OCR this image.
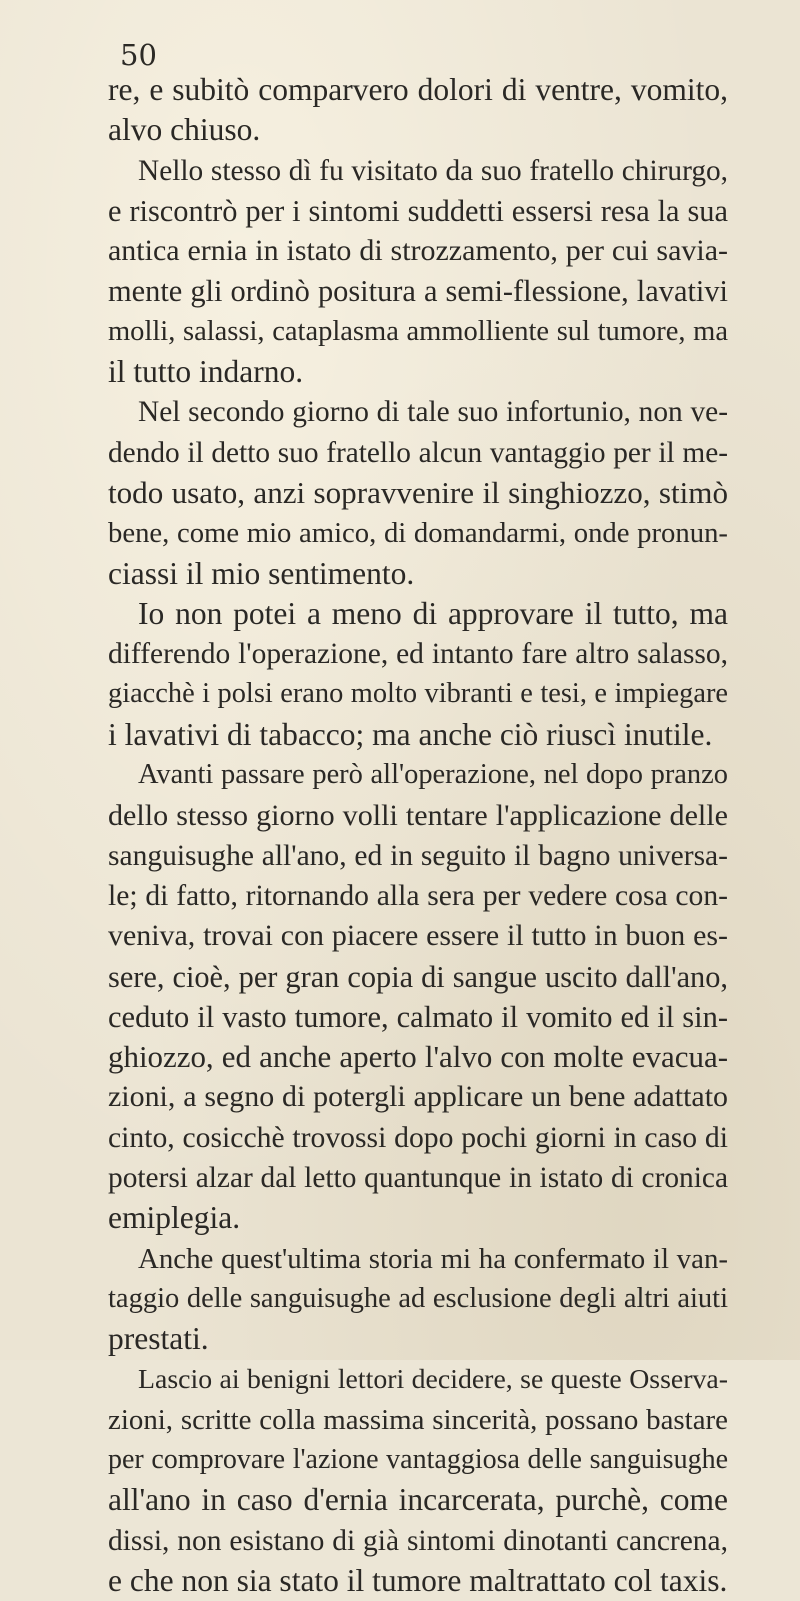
50
re, e subitò comparvero dolori di ventre, vomito,
alvo chiuso.
Nello stesso dì fu visitato da suo fratello chirurgo,
e riscontrò per i sintomi suddetti essersi resa la sua
antica ernia in istato di strozzamento, per cui savia-
mente gli ordinò positura a semi-flessione, lavativi
molli, salassi, cataplasma ammolliente sul tumore, ma
il tutto indarno.
Nel secondo giorno di tale suo infortunio, non ve-
dendo il detto suo fratello alcun vantaggio per il me-
todo usato, anzi sopravvenire il singhiozzo, stimò
bene, come mio amico, di domandarmi, onde pronun-
ciassi il mio sentimento.
Io non potei a meno di approvare il tutto, ma
differendo l'operazione, ed intanto fare altro salasso,
giacchè i polsi erano molto vibranti e tesi, e impiegare
i lavativi di tabacco; ma anche ciò riuscì inutile.
Avanti passare però all'operazione, nel dopo pranzo
dello stesso giorno volli tentare l'applicazione delle
sanguisughe all'ano, ed in seguito il bagno universa-
le; di fatto, ritornando alla sera per vedere cosa con-
veniva, trovai con piacere essere il tutto in buon es-
sere, cioè, per gran copia di sangue uscito dall'ano,
ceduto il vasto tumore, calmato il vomito ed il sin-
ghiozzo, ed anche aperto l'alvo con molte evacua-
zioni, a segno di potergli applicare un bene adattato
cinto, cosicchè trovossi dopo pochi giorni in caso di
potersi alzar dal letto quantunque in istato di cronica
emiplegia.
Anche quest'ultima storia mi ha confermato il van-
taggio delle sanguisughe ad esclusione degli altri aiuti
prestati.
Lascio ai benigni lettori decidere, se queste Osserva-
zioni, scritte colla massima sincerità, possano bastare
per comprovare l'azione vantaggiosa delle sanguisughe
all'ano in caso d'ernia incarcerata, purchè, come
dissi, non esistano di già sintomi dinotanti cancrena,
e che non sia stato il tumore maltrattato col taxis.
